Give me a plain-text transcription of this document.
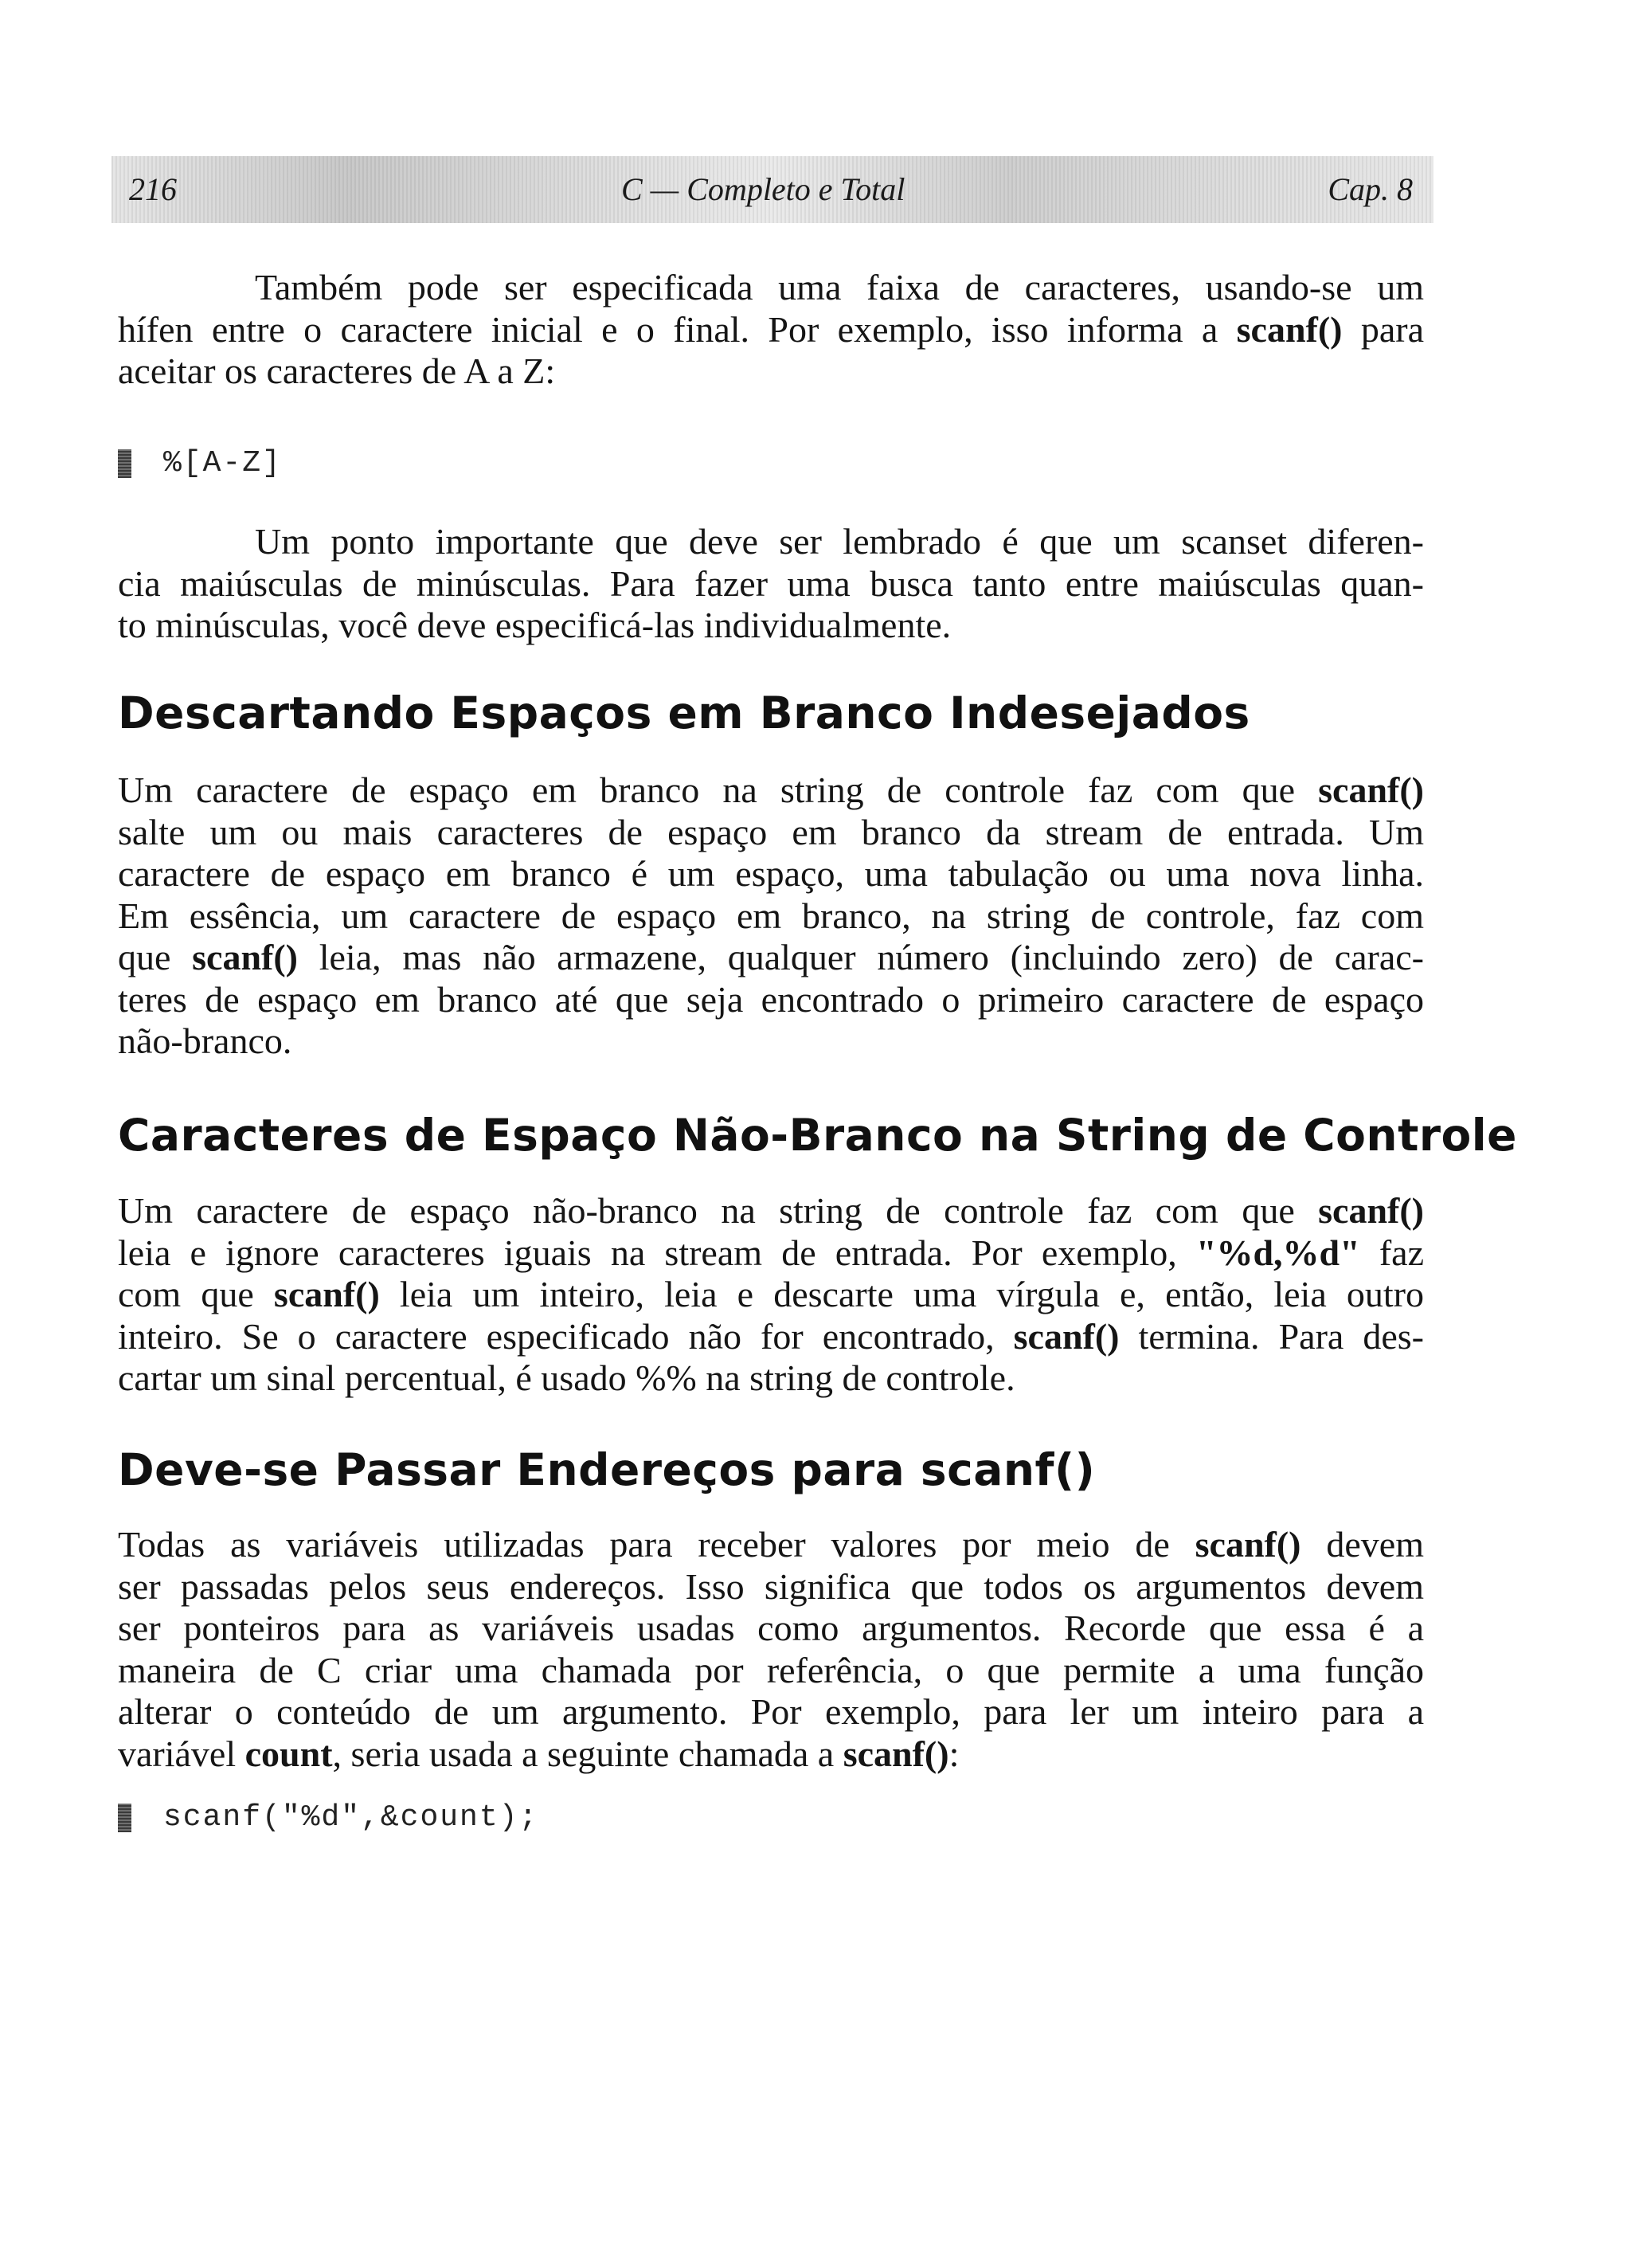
216	C — Completo e Total	Cap. 8
Também pode ser especificada uma faixa de caracteres, usando-se um
hífen entre o caractere inicial e o final. Por exemplo, isso informa a scanf() para
aceitar os caracteres de A a Z:
%[A-Z]
Um ponto importante que deve ser lembrado é que um scanset diferen-
cia maiúsculas de minúsculas. Para fazer uma busca tanto entre maiúsculas quan-
to minúsculas, você deve especificá-las individualmente.
Descartando Espaços em Branco Indesejados
Um caractere de espaço em branco na string de controle faz com que scanf()
salte um ou mais caracteres de espaço em branco da stream de entrada. Um
caractere de espaço em branco é um espaço, uma tabulação ou uma nova linha.
Em essência, um caractere de espaço em branco, na string de controle, faz com
que scanf() leia, mas não armazene, qualquer número (incluindo zero) de carac-
teres de espaço em branco até que seja encontrado o primeiro caractere de espaço
não-branco.
Caracteres de Espaço Não-Branco na String de Controle
Um caractere de espaço não-branco na string de controle faz com que scanf()
leia e ignore caracteres iguais na stream de entrada. Por exemplo, "%d,%d" faz
com que scanf() leia um inteiro, leia e descarte uma vírgula e, então, leia outro
inteiro. Se o caractere especificado não for encontrado, scanf() termina. Para des-
cartar um sinal percentual, é usado %% na string de controle.
Deve-se Passar Endereços para scanf()
Todas as variáveis utilizadas para receber valores por meio de scanf() devem
ser passadas pelos seus endereços. Isso significa que todos os argumentos devem
ser ponteiros para as variáveis usadas como argumentos. Recorde que essa é a
maneira de C criar uma chamada por referência, o que permite a uma função
alterar o conteúdo de um argumento. Por exemplo, para ler um inteiro para a
variável count, seria usada a seguinte chamada a scanf():
scanf("%d",&count);
